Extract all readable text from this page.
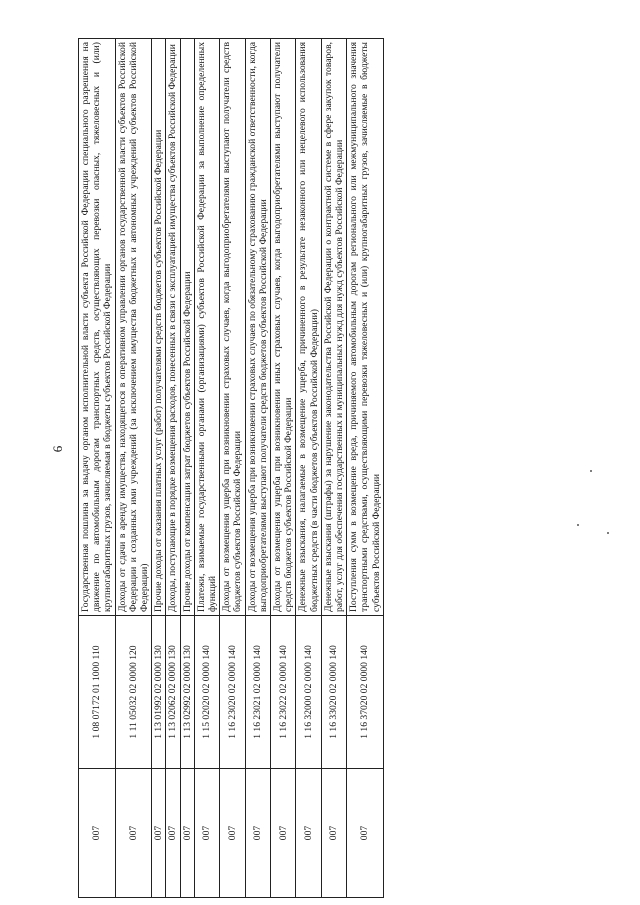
6
007	1 08 07172 01 1000 110	Государственная пошлина за выдачу органом исполнительной власти субъекта Российской Федерации специального разрешения на движение по автомобильным дорогам транспортных средств, осуществляющих перевозки опасных, тяжеловесных и (или) крупногабаритных грузов, зачисляемая в бюджеты субъектов Российской Федерации
007	1 11 05032 02 0000 120	Доходы от сдачи в аренду имущества, находящегося в оперативном управлении органов государственной власти субъектов Российской Федерации и созданных ими учреждений (за исключением имущества бюджетных и автономных учреждений субъектов Российской Федерации)
007	1 13 01992 02 0000 130	Прочие доходы от оказания платных услуг (работ) получателями средств бюджетов субъектов Российской Федерации
007	1 13 02062 02 0000 130	Доходы, поступающие в порядке возмещения расходов, понесенных в связи с эксплуатацией имущества субъектов Российской Федерации
007	1 13 02992 02 0000 130	Прочие доходы от компенсации затрат бюджетов субъектов Российской Федерации
007	1 15 02020 02 0000 140	Платежи, взимаемые государственными органами (организациями) субъектов Российской Федерации за выполнение определенных функций
007	1 16 23020 02 0000 140	Доходы от возмещения ущерба при возникновении страховых случаев, когда выгодоприобретателями выступают получатели средств бюджетов субъектов Российской Федерации
007	1 16 23021 02 0000 140	Доходы от возмещения ущерба при возникновении страховых случаев по обязательному страхованию гражданской ответственности, когда выгодоприобретателями выступают получатели средств бюджетов субъектов Российской Федерации
007	1 16 23022 02 0000 140	Доходы от возмещения ущерба при возникновении иных страховых случаев, когда выгодоприобретателями выступают получатели средств бюджетов субъектов Российской Федерации
007	1 16 32000 02 0000 140	Денежные взыскания, налагаемые в возмещение ущерба, причиненного в результате незаконного или нецелевого использования бюджетных средств (в части бюджетов субъектов Российской Федерации)
007	1 16 33020 02 0000 140	Денежные взыскания (штрафы) за нарушение законодательства Российской Федерации о контрактной системе в сфере закупок товаров, работ, услуг для обеспечения государственных и муниципальных нужд для нужд субъектов Российской Федерации
007	1 16 37020 02 0000 140	Поступления сумм в возмещение вреда, причиняемого автомобильным дорогам регионального или межмуниципального значения транспортными средствами, осуществляющими перевозки тяжеловесных и (или) крупногабаритных грузов, зачисляемые в бюджеты субъектов Российской Федерации
